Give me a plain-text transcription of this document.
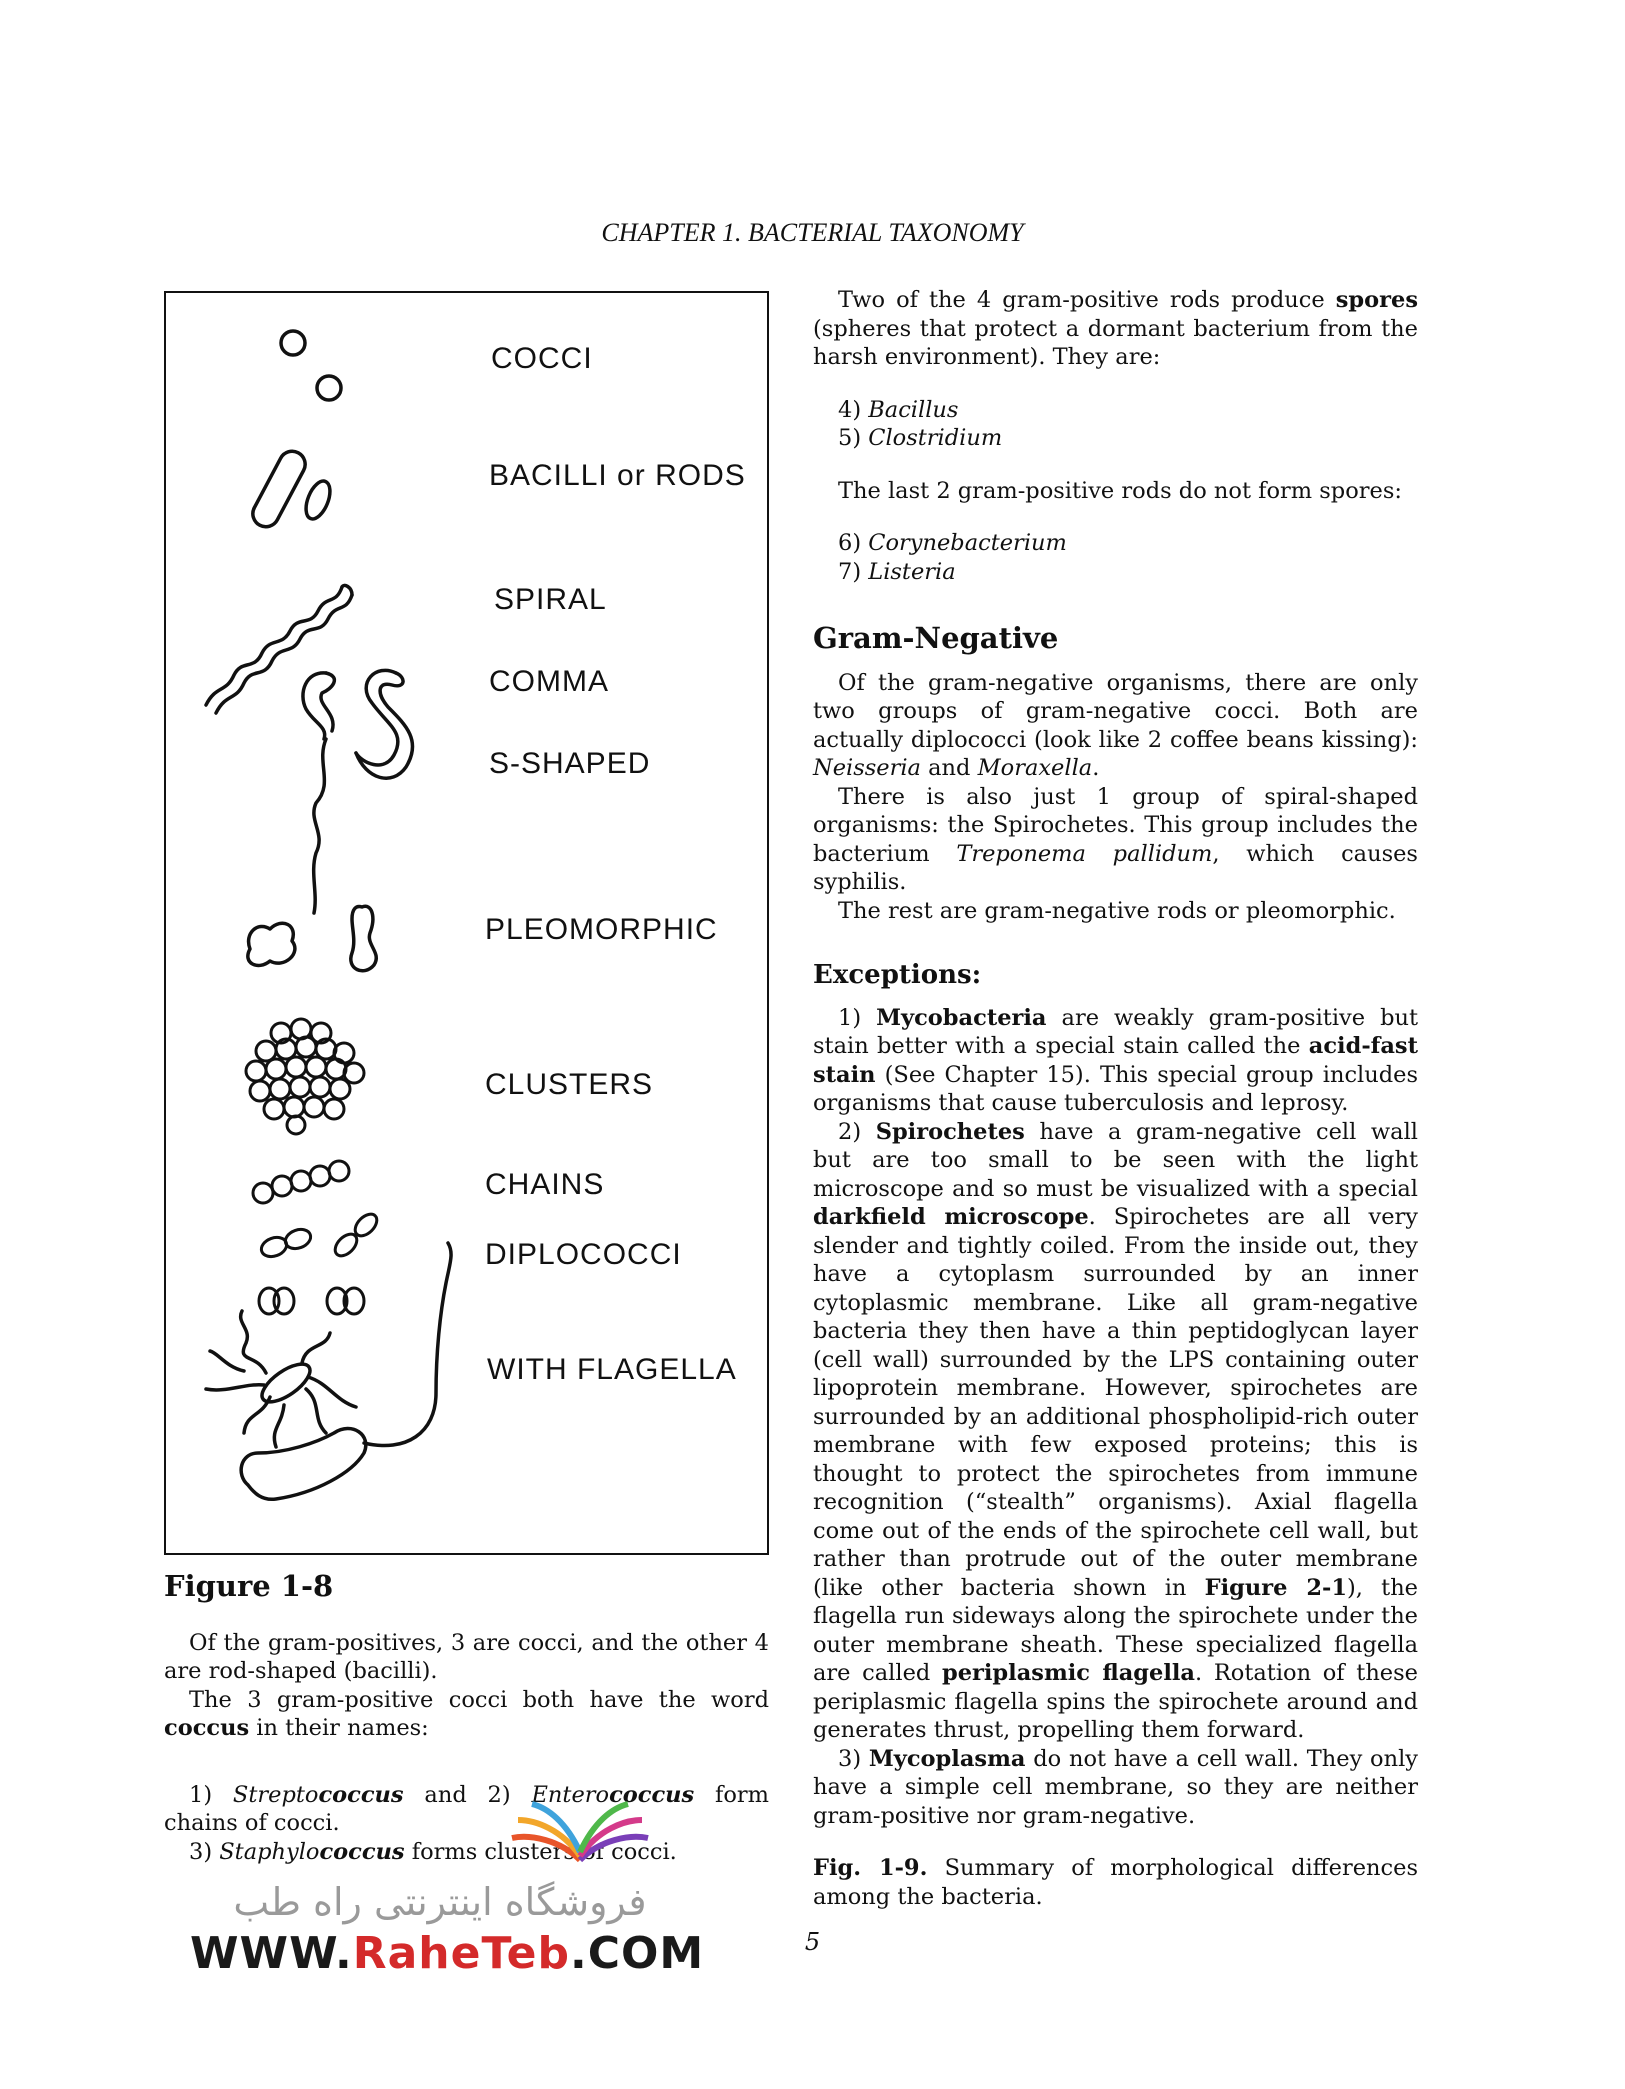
CHAPTER 1. BACTERIAL TAXONOMY
COCCI
BACILLI or RODS
SPIRAL
COMMA
S-SHAPED
PLEOMORPHIC
CLUSTERS
CHAINS
DIPLOCOCCI
WITH FLAGELLA
Figure 1-8

Of the gram-positives, 3 are cocci, and the other 4 are rod-shaped (bacilli).

The 3 gram-positive cocci both have the word coccus in their names:

1) Streptococcus and 2) Enterococcus form chains of cocci.

3) Staphylococcus forms clusters of cocci.

Two of the 4 gram-positive rods produce spores (spheres that protect a dormant bacterium from the harsh environment). They are:

4) Bacillus
5) Clostridium

The last 2 gram-positive rods do not form spores:

6) Corynebacterium
7) Listeria
Gram-Negative

Of the gram-negative organisms, there are only two groups of gram-negative cocci. Both are actually diplococci (look like 2 coffee beans kissing): Neisseria and Moraxella.

There is also just 1 group of spiral-shaped organisms: the Spirochetes. This group includes the bacterium Treponema pallidum, which causes syphilis.

The rest are gram-negative rods or pleomorphic.

Exceptions:

1) Mycobacteria are weakly gram-positive but stain better with a special stain called the acid-fast stain (See Chapter 15). This special group includes organisms that cause tuberculosis and leprosy.

2) Spirochetes have a gram-negative cell wall but are too small to be seen with the light microscope and so must be visualized with a special darkfield microscope. Spirochetes are all very slender and tightly coiled. From the inside out, they have a cytoplasm surrounded by an inner cytoplasmic membrane. Like all gram-negative bacteria they then have a thin peptidoglycan layer (cell wall) surrounded by the LPS containing outer lipoprotein membrane. However, spirochetes are surrounded by an additional phospholipid-rich outer membrane with few exposed proteins; this is thought to protect the spirochetes from immune recognition (“stealth” organisms). Axial flagella come out of the ends of the spirochete cell wall, but rather than protrude out of the outer membrane (like other bacteria shown in Figure 2-1), the flagella run sideways along the spirochete under the outer membrane sheath. These specialized flagella are called periplasmic flagella. Rotation of these periplasmic flagella spins the spirochete around and generates thrust, propelling them forward.

3) Mycoplasma do not have a cell wall. They only have a simple cell membrane, so they are neither gram-positive nor gram-negative.

Fig. 1-9. Summary of morphological differences among the bacteria.

5
فروشگاه اینترنتی راه طب
WWW.RaheTeb.COM
